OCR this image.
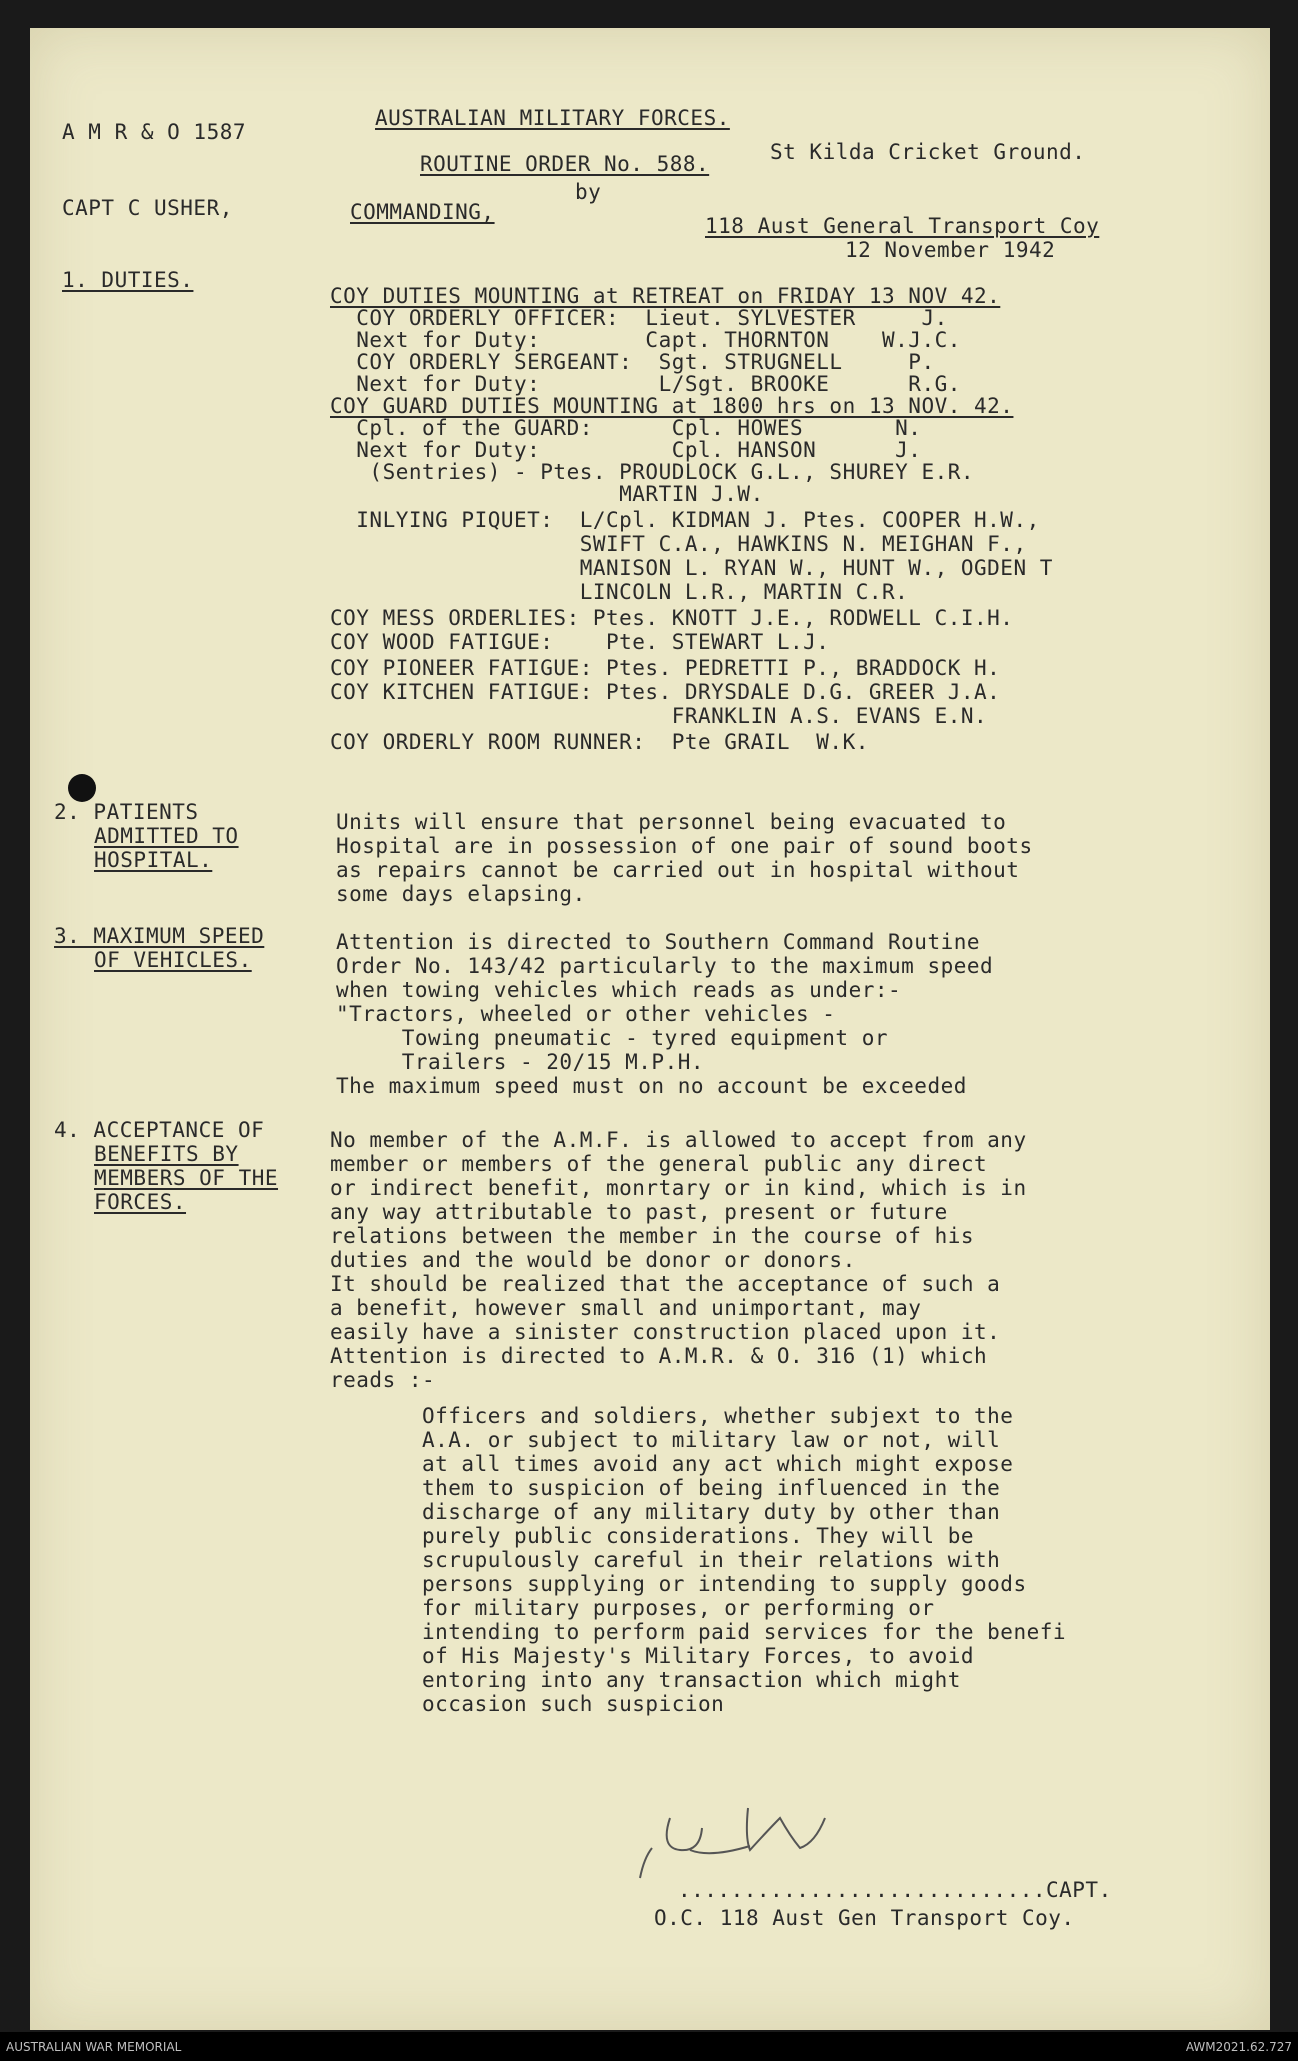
A M R & O 1587
AUSTRALIAN MILITARY FORCES.
St Kilda Cricket Ground.
ROUTINE ORDER No. 588.
by
CAPT C USHER,	COMMANDING,
118 Aust General Transport Coy
12 November 1942
1. DUTIES.
COY DUTIES MOUNTING at RETREAT on FRIDAY 13 NOV 42.
COY ORDERLY OFFICER:  Lieut. SYLVESTER     J.
Next for Duty:        Capt. THORNTON    W.J.C.
COY ORDERLY SERGEANT:  Sgt. STRUGNELL     P.
Next for Duty:         L/Sgt. BROOKE      R.G.
COY GUARD DUTIES MOUNTING at 1800 hrs on 13 NOV. 42.
Cpl. of the GUARD:      Cpl. HOWES       N.
Next for Duty:          Cpl. HANSON      J.
(Sentries) - Ptes. PROUDLOCK G.L., SHUREY E.R.
MARTIN J.W.
INLYING PIQUET:  L/Cpl. KIDMAN J. Ptes. COOPER H.W.,
SWIFT C.A., HAWKINS N. MEIGHAN F.,
MANISON L. RYAN W., HUNT W., OGDEN T
LINCOLN L.R., MARTIN C.R.
COY MESS ORDERLIES: Ptes. KNOTT J.E., RODWELL C.I.H.
COY WOOD FATIGUE:    Pte. STEWART L.J.
COY PIONEER FATIGUE: Ptes. PEDRETTI P., BRADDOCK H.
COY KITCHEN FATIGUE: Ptes. DRYSDALE D.G. GREER J.A.
FRANKLIN A.S. EVANS E.N.
COY ORDERLY ROOM RUNNER:  Pte GRAIL  W.K.
2. PATIENTS
ADMITTED TO
HOSPITAL.
Units will ensure that personnel being evacuated to
Hospital are in possession of one pair of sound boots
as repairs cannot be carried out in hospital without
some days elapsing.
3. MAXIMUM SPEED
OF VEHICLES.
Attention is directed to Southern Command Routine
Order No. 143/42 particularly to the maximum speed
when towing vehicles which reads as under:-
"Tractors, wheeled or other vehicles -
Towing pneumatic - tyred equipment or
Trailers - 20/15 M.P.H.
The maximum speed must on no account be exceeded
4. ACCEPTANCE OF
BENEFITS BY
MEMBERS OF THE
FORCES.
No member of the A.M.F. is allowed to accept from any
member or members of the general public any direct
or indirect benefit, monrtary or in kind, which is in
any way attributable to past, present or future
relations between the member in the course of his
duties and the would be donor or donors.
It should be realized that the acceptance of such a
a benefit, however small and unimportant, may
easily have a sinister construction placed upon it.
Attention is directed to A.M.R. & O. 316 (1) which
reads :-
Officers and soldiers, whether subjext to the
A.A. or subject to military law or not, will
at all times avoid any act which might expose
them to suspicion of being influenced in the
discharge of any military duty by other than
purely public considerations. They will be
scrupulously careful in their relations with
persons supplying or intending to supply goods
for military purposes, or performing or
intending to perform paid services for the benefi
of His Majesty's Military Forces, to avoid
entoring into any transaction which might
occasion such suspicion
............................CAPT.
O.C. 118 Aust Gen Transport Coy.
AUSTRALIAN WAR MEMORIAL	AWM2021.62.727
